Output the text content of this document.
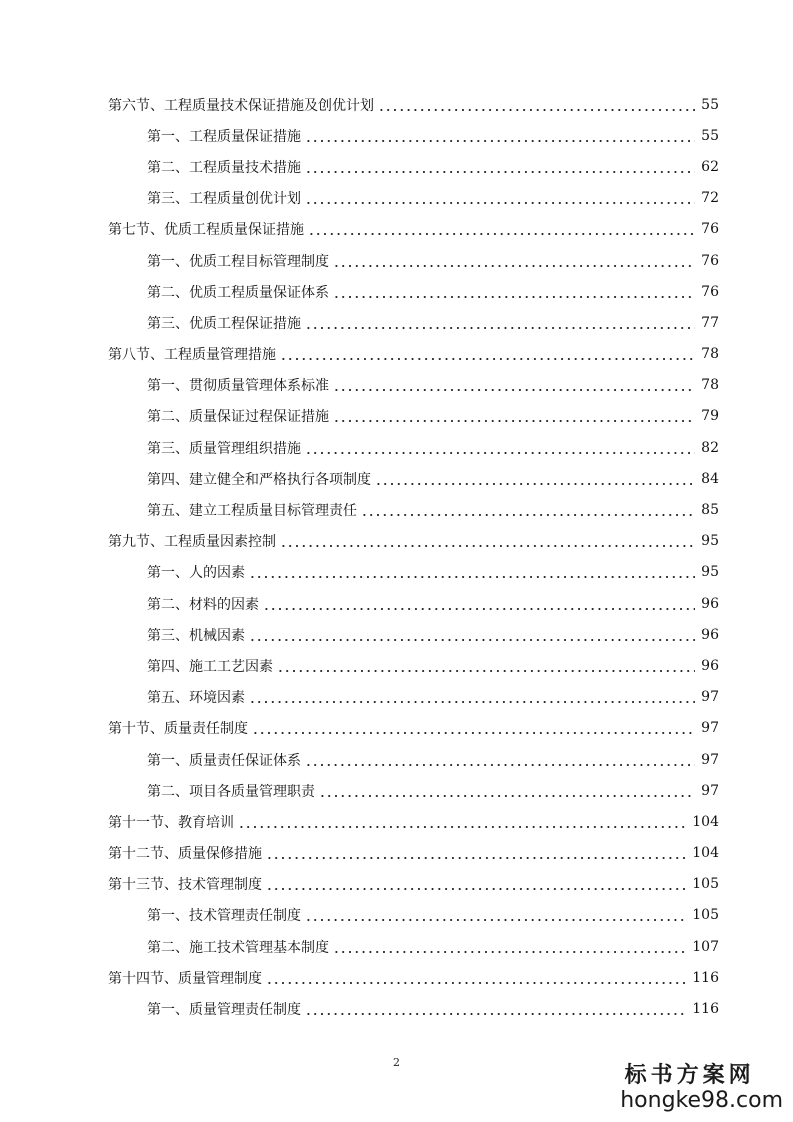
第六节、工程质量技术保证措施及创优计划	55
第一、工程质量保证措施	55
第二、工程质量技术措施	62
第三、工程质量创优计划	72
第七节、优质工程质量保证措施	76
第一、优质工程目标管理制度	76
第二、优质工程质量保证体系	76
第三、优质工程保证措施	77
第八节、工程质量管理措施	78
第一、贯彻质量管理体系标准	78
第二、质量保证过程保证措施	79
第三、质量管理组织措施	82
第四、建立健全和严格执行各项制度	84
第五、建立工程质量目标管理责任	85
第九节、工程质量因素控制	95
第一、人的因素	95
第二、材料的因素	96
第三、机械因素	96
第四、施工工艺因素	96
第五、环境因素	97
第十节、质量责任制度	97
第一、质量责任保证体系	97
第二、项目各质量管理职责	97
第十一节、教育培训	104
第十二节、质量保修措施	104
第十三节、技术管理制度	105
第一、技术管理责任制度	105
第二、施工技术管理基本制度	107
第十四节、质量管理制度	116
第一、质量管理责任制度	116
2	标书方案网
hongke98.com
